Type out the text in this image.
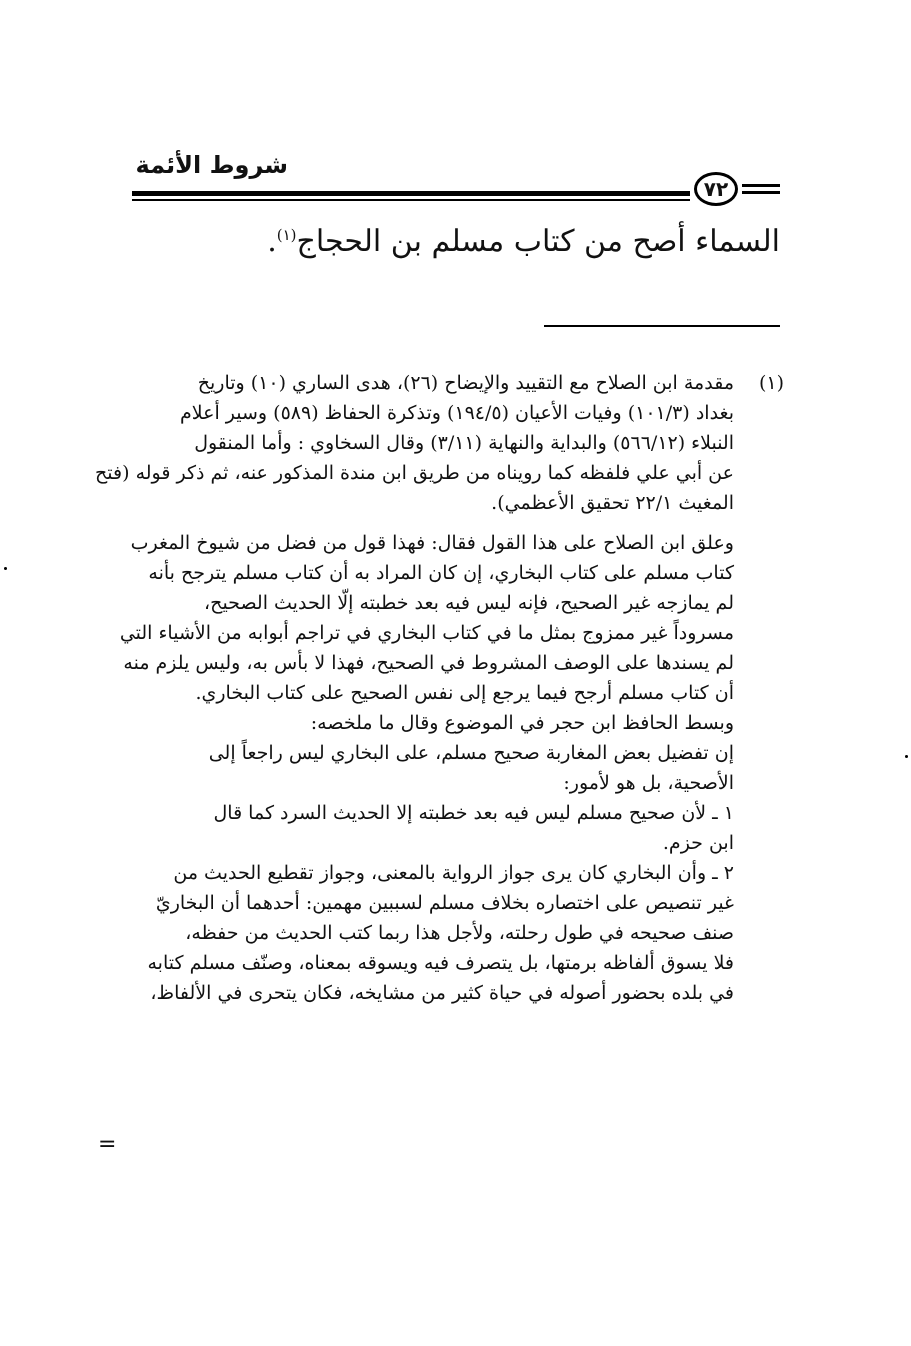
شروط الأئمة
٧٢
السماء أصح من كتاب مسلم بن الحجاج$^{(١)}$.
(١)
مقدمة ابن الصلاح مع التقييد والإيضاح (٢٦)، هدى الساري (١٠) وتاريخ
بغداد (١٠١/٣) وفيات الأعيان (١٩٤/٥) وتذكرة الحفاظ (٥٨٩) وسير أعلام
النبلاء (٥٦٦/١٢) والبداية والنهاية (٣/١١) وقال السخاوي : وأما المنقول
عن أبي علي فلفظه كما رويناه من طريق ابن مندة المذكور عنه، ثم ذكر قوله (فتح
المغيث ٢٢/١ تحقيق الأعظمي).
وعلق ابن الصلاح على هذا القول فقال: فهذا قول من فضل من شيوخ المغرب
كتاب مسلم على كتاب البخاري، إن كان المراد به أن كتاب مسلم يترجح بأنه
لم يمازجه غير الصحيح، فإنه ليس فيه بعد خطبته إلّا الحديث الصحيح،
مسروداً غير ممزوج بمثل ما في كتاب البخاري في تراجم أبوابه من الأشياء التي
لم يسندها على الوصف المشروط في الصحيح، فهذا لا بأس به، وليس يلزم منه
أن كتاب مسلم أرجح فيما يرجع إلى نفس الصحيح على كتاب البخاري.
وبسط الحافظ ابن حجر في الموضوع وقال ما ملخصه:
إن تفضيل بعض المغاربة صحيح مسلم، على البخاري ليس راجعاً إلى
الأصحية، بل هو لأمور:
١ ـ لأن صحيح مسلم ليس فيه بعد خطبته إلا الحديث السرد كما قال
ابن حزم.
٢ ـ وأن البخاري كان يرى جواز الرواية بالمعنى، وجواز تقطيع الحديث من
غير تنصيص على اختصاره بخلاف مسلم لسببين مهمين: أحدهما أن البخاريّ
صنف صحيحه في طول رحلته، ولأجل هذا ربما كتب الحديث من حفظه،
فلا يسوق ألفاظه برمتها، بل يتصرف فيه ويسوقه بمعناه، وصنّف مسلم كتابه
في بلده بحضور أصوله في حياة كثير من مشايخه، فكان يتحرى في الألفاظ،
=
